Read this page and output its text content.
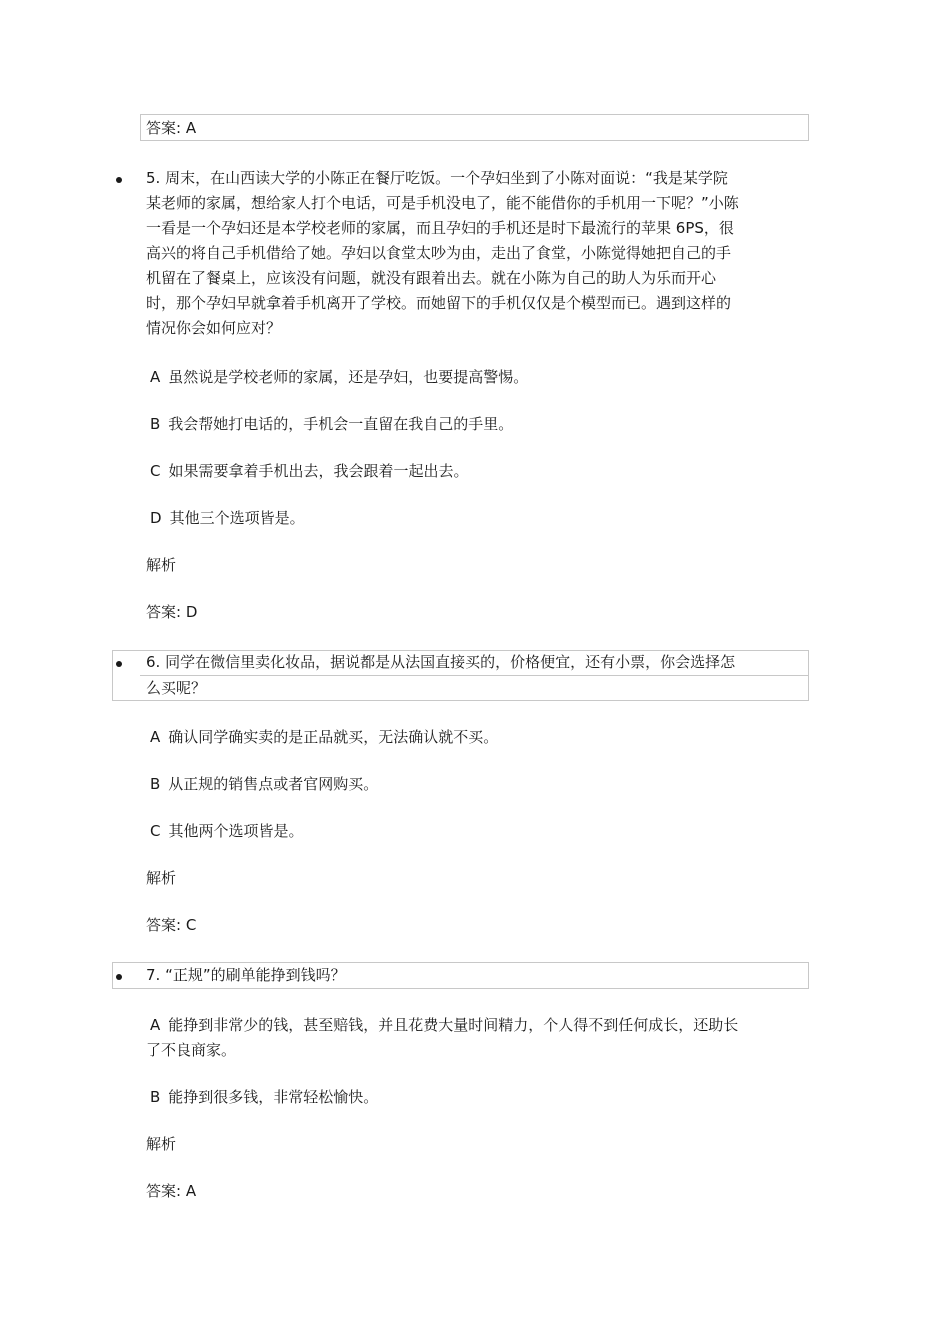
答案: A
5. 周末，在山西读大学的小陈正在餐厅吃饭。一个孕妇坐到了小陈对面说：“我是某学院
某老师的家属，想给家人打个电话，可是手机没电了，能不能借你的手机用一下呢？”小陈
一看是一个孕妇还是本学校老师的家属，而且孕妇的手机还是时下最流行的苹果 6PS，很
高兴的将自己手机借给了她。孕妇以食堂太吵为由，走出了食堂，小陈觉得她把自己的手
机留在了餐桌上，应该没有问题，就没有跟着出去。就在小陈为自己的助人为乐而开心
时，那个孕妇早就拿着手机离开了学校。而她留下的手机仅仅是个模型而已。遇到这样的
情况你会如何应对？
A 虽然说是学校老师的家属，还是孕妇，也要提高警惕。
B 我会帮她打电话的，手机会一直留在我自己的手里。
C 如果需要拿着手机出去，我会跟着一起出去。
D 其他三个选项皆是。
解析
答案: D
6. 同学在微信里卖化妆品，据说都是从法国直接买的，价格便宜，还有小票，你会选择怎
么买呢？
A 确认同学确实卖的是正品就买，无法确认就不买。
B 从正规的销售点或者官网购买。
C 其他两个选项皆是。
解析
答案: C
7. “正规”的刷单能挣到钱吗？
A 能挣到非常少的钱，甚至赔钱，并且花费大量时间精力，个人得不到任何成长，还助长
了不良商家。
B 能挣到很多钱，非常轻松愉快。
解析
答案: A
